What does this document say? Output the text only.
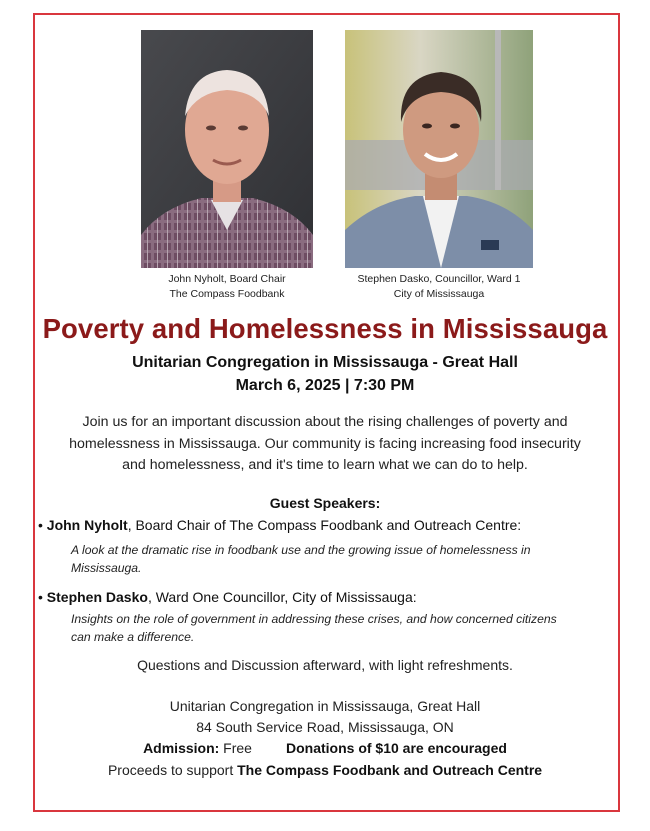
John Nyholt, Board Chair
The Compass Foodbank
Stephen Dasko, Councillor, Ward 1
City of Mississauga
Poverty and Homelessness in Mississauga
Unitarian Congregation in Mississauga - Great Hall
March 6, 2025 | 7:30 PM
Join us for an important discussion about the rising challenges of poverty and homelessness in Mississauga. Our community is facing increasing food insecurity and homelessness, and it's time to learn what we can do to help.
Guest Speakers:
• John Nyholt, Board Chair of The Compass Foodbank and Outreach Centre:
A look at the dramatic rise in foodbank use and the growing issue of homelessness in Mississauga.
• Stephen Dasko, Ward One Councillor, City of Mississauga:
Insights on the role of government in addressing these crises, and how concerned citizens can make a difference.
Questions and Discussion afterward, with light refreshments.
Unitarian Congregation in Mississauga, Great Hall
84 South Service Road, Mississauga, ON
Admission: Free Donations of $10 are encouraged
Proceeds to support The Compass Foodbank and Outreach Centre
